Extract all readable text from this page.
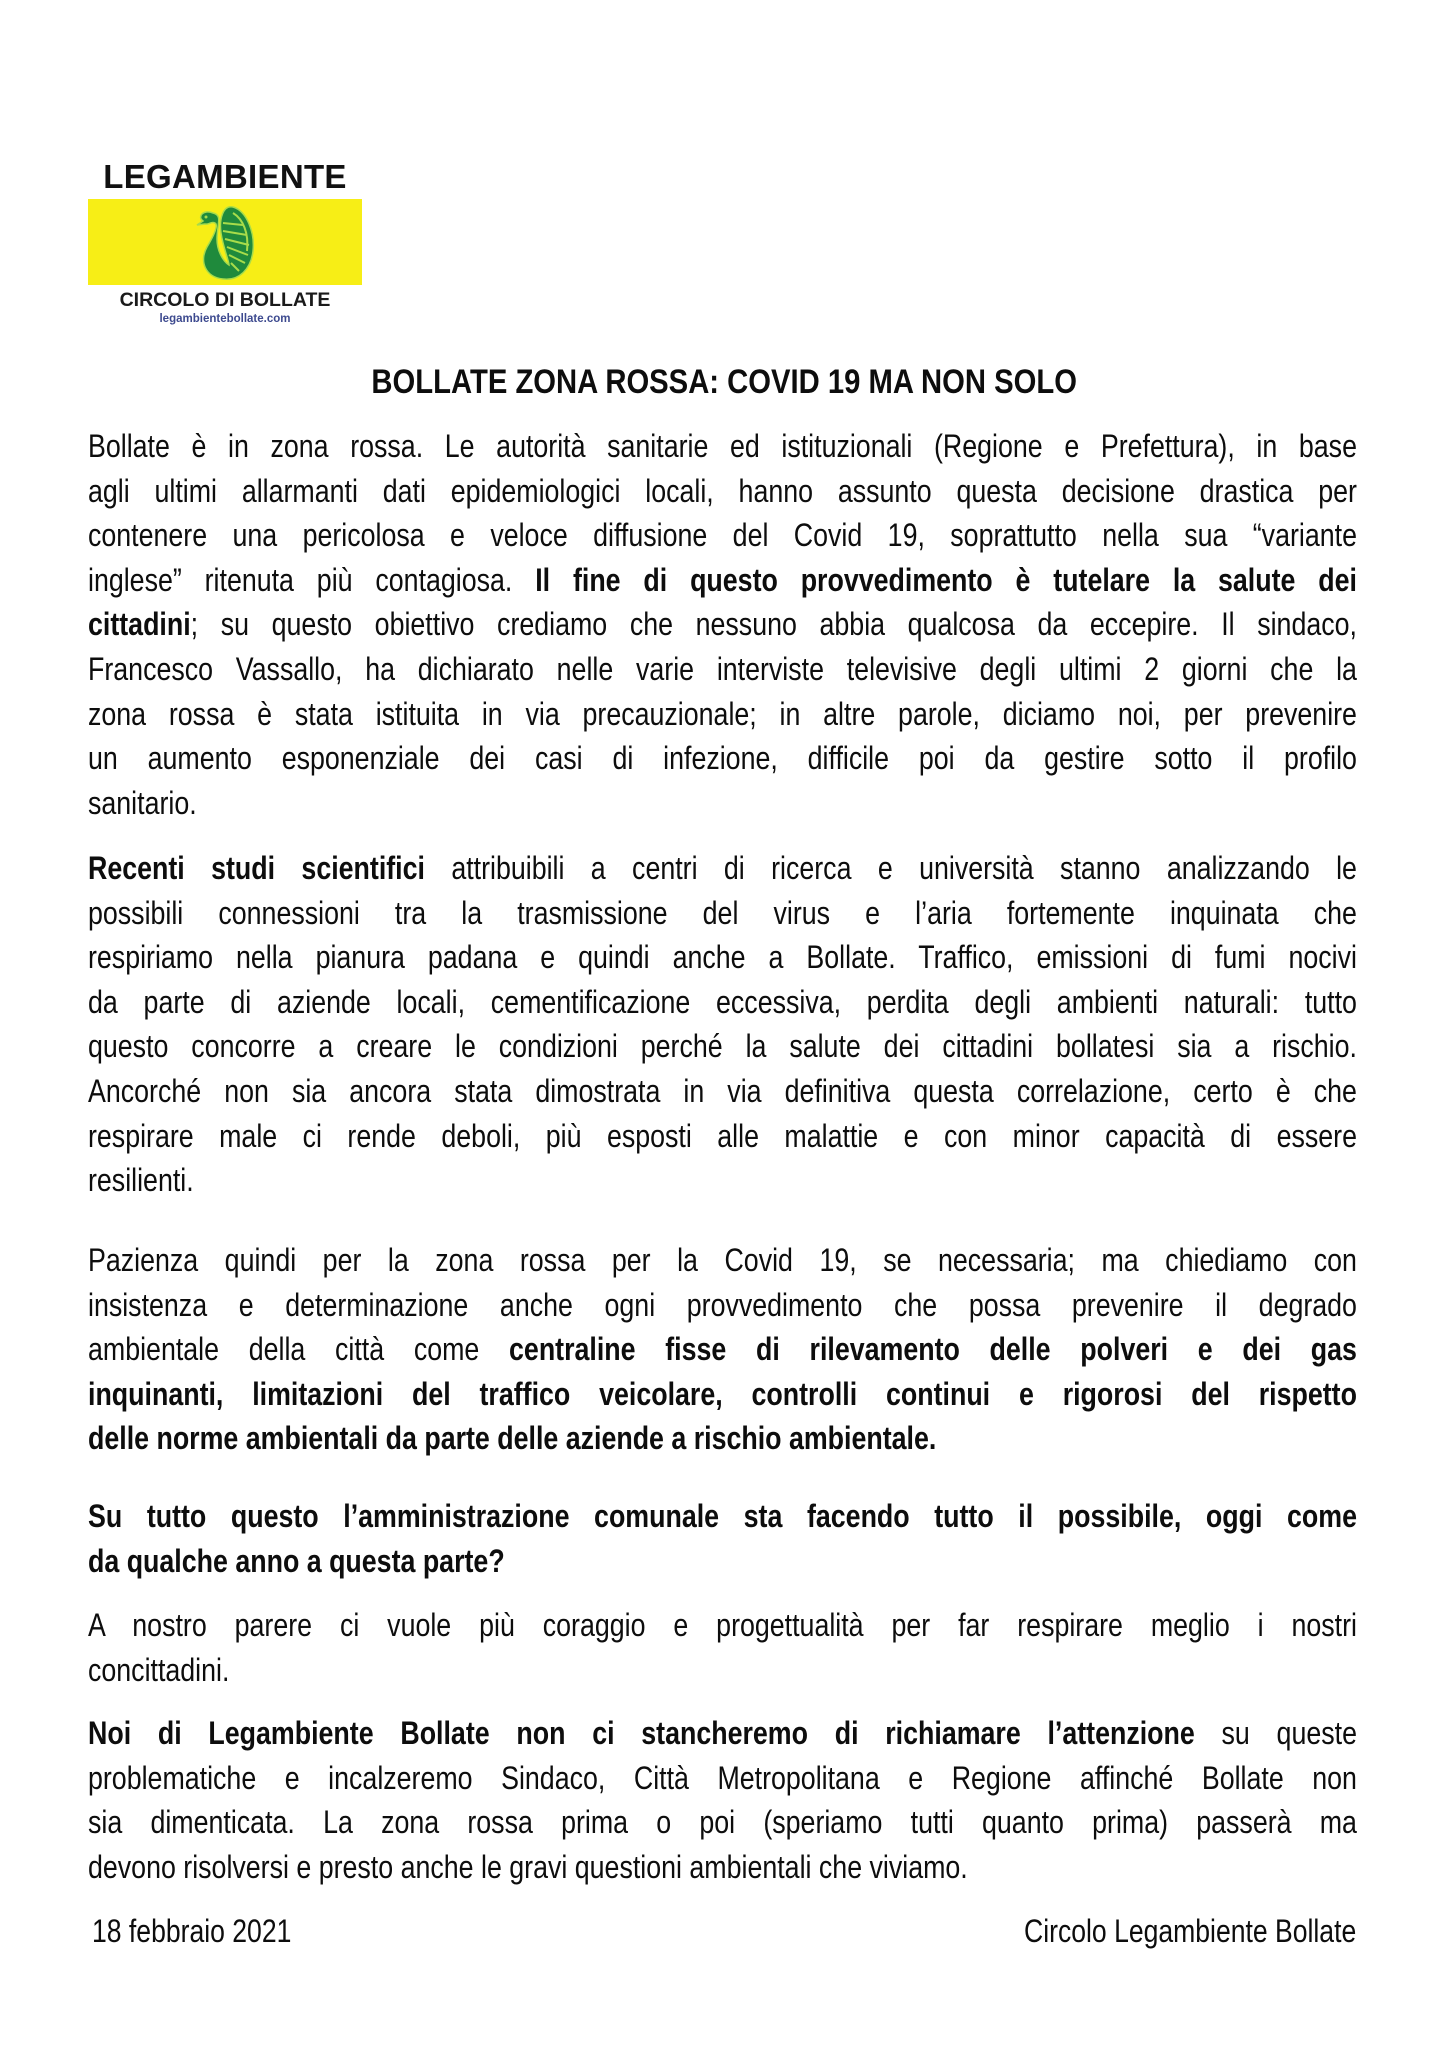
LEGAMBIENTE
CIRCOLO DI BOLLATE
legambientebollate.com
BOLLATE ZONA ROSSA: COVID 19 MA NON SOLO
Bollate è in zona rossa. Le autorità sanitarie ed istituzionali (Regione e Prefettura), in base
agli ultimi allarmanti dati epidemiologici locali, hanno assunto questa decisione drastica per
contenere una pericolosa e veloce diffusione del Covid 19, soprattutto nella sua “variante
inglese” ritenuta più contagiosa. Il fine di questo provvedimento è tutelare la salute dei
cittadini; su questo obiettivo crediamo che nessuno abbia qualcosa da eccepire. Il sindaco,
Francesco Vassallo, ha dichiarato nelle varie interviste televisive degli ultimi 2 giorni che la
zona rossa è stata istituita in via precauzionale; in altre parole, diciamo noi, per prevenire
un aumento esponenziale dei casi di infezione, difficile poi da gestire sotto il profilo
sanitario.
Recenti studi scientifici attribuibili a centri di ricerca e università stanno analizzando le
possibili connessioni tra la trasmissione del virus e l’aria fortemente inquinata che
respiriamo nella pianura padana e quindi anche a Bollate. Traffico, emissioni di fumi nocivi
da parte di aziende locali, cementificazione eccessiva, perdita degli ambienti naturali: tutto
questo concorre a creare le condizioni perché la salute dei cittadini bollatesi sia a rischio.
Ancorché non sia ancora stata dimostrata in via definitiva questa correlazione, certo è che
respirare male ci rende deboli, più esposti alle malattie e con minor capacità di essere
resilienti.
Pazienza quindi per la zona rossa per la Covid 19, se necessaria; ma chiediamo con
insistenza e determinazione anche ogni provvedimento che possa prevenire il degrado
ambientale della città come centraline fisse di rilevamento delle polveri e dei gas
inquinanti, limitazioni del traffico veicolare, controlli continui e rigorosi del rispetto
delle norme ambientali da parte delle aziende a rischio ambientale.
Su tutto questo l’amministrazione comunale sta facendo tutto il possibile, oggi come
da qualche anno a questa parte?
A nostro parere ci vuole più coraggio e progettualità per far respirare meglio i nostri
concittadini.
Noi di Legambiente Bollate non ci stancheremo di richiamare l’attenzione su queste
problematiche e incalzeremo Sindaco, Città Metropolitana e Regione affinché Bollate non
sia dimenticata. La zona rossa prima o poi (speriamo tutti quanto prima) passerà ma
devono risolversi e presto anche le gravi questioni ambientali che viviamo.
18 febbraio 2021	Circolo Legambiente Bollate
